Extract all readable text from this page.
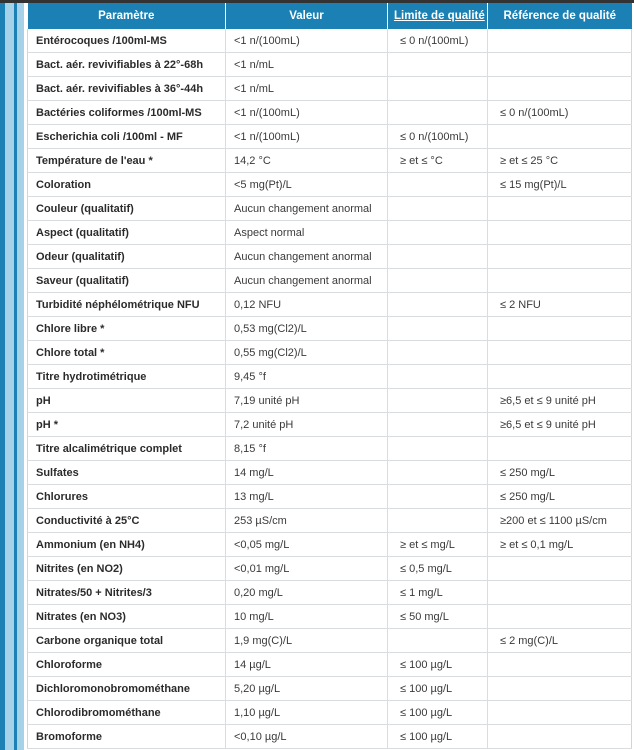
Paramètre	Valeur	Limite de qualité	Référence de qualité
Entérocoques /100ml-MS	<1 n/(100mL)	≤ 0 n/(100mL)	
Bact. aér. revivifiables à 22°-68h	<1 n/mL		
Bact. aér. revivifiables à 36°-44h	<1 n/mL		
Bactéries coliformes /100ml-MS	<1 n/(100mL)		≤ 0 n/(100mL)
Escherichia coli /100ml - MF	<1 n/(100mL)	≤ 0 n/(100mL)	
Température de l'eau *	14,2 °C	≥ et ≤ °C	≥ et ≤ 25 °C
Coloration	<5 mg(Pt)/L		≤ 15 mg(Pt)/L
Couleur (qualitatif)	Aucun changement anormal		
Aspect (qualitatif)	Aspect normal		
Odeur (qualitatif)	Aucun changement anormal		
Saveur (qualitatif)	Aucun changement anormal		
Turbidité néphélométrique NFU	0,12 NFU		≤ 2 NFU
Chlore libre *	0,53 mg(Cl2)/L		
Chlore total *	0,55 mg(Cl2)/L		
Titre hydrotimétrique	9,45 °f		
pH	7,19 unité pH		≥6,5 et ≤ 9 unité pH
pH *	7,2 unité pH		≥6,5 et ≤ 9 unité pH
Titre alcalimétrique complet	8,15 °f		
Sulfates	14 mg/L		≤ 250 mg/L
Chlorures	13 mg/L		≤ 250 mg/L
Conductivité à 25°C	253 µS/cm		≥200 et ≤ 1100 µS/cm
Ammonium (en NH4)	<0,05 mg/L	≥ et ≤ mg/L	≥ et ≤ 0,1 mg/L
Nitrites (en NO2)	<0,01 mg/L	≤ 0,5 mg/L	
Nitrates/50 + Nitrites/3	0,20 mg/L	≤ 1 mg/L	
Nitrates (en NO3)	10 mg/L	≤ 50 mg/L	
Carbone organique total	1,9 mg(C)/L		≤ 2 mg(C)/L
Chloroforme	14 µg/L	≤ 100 µg/L	
Dichloromonobromométhane	5,20 µg/L	≤ 100 µg/L	
Chlorodibromométhane	1,10 µg/L	≤ 100 µg/L	
Bromoforme	<0,10 µg/L	≤ 100 µg/L	
